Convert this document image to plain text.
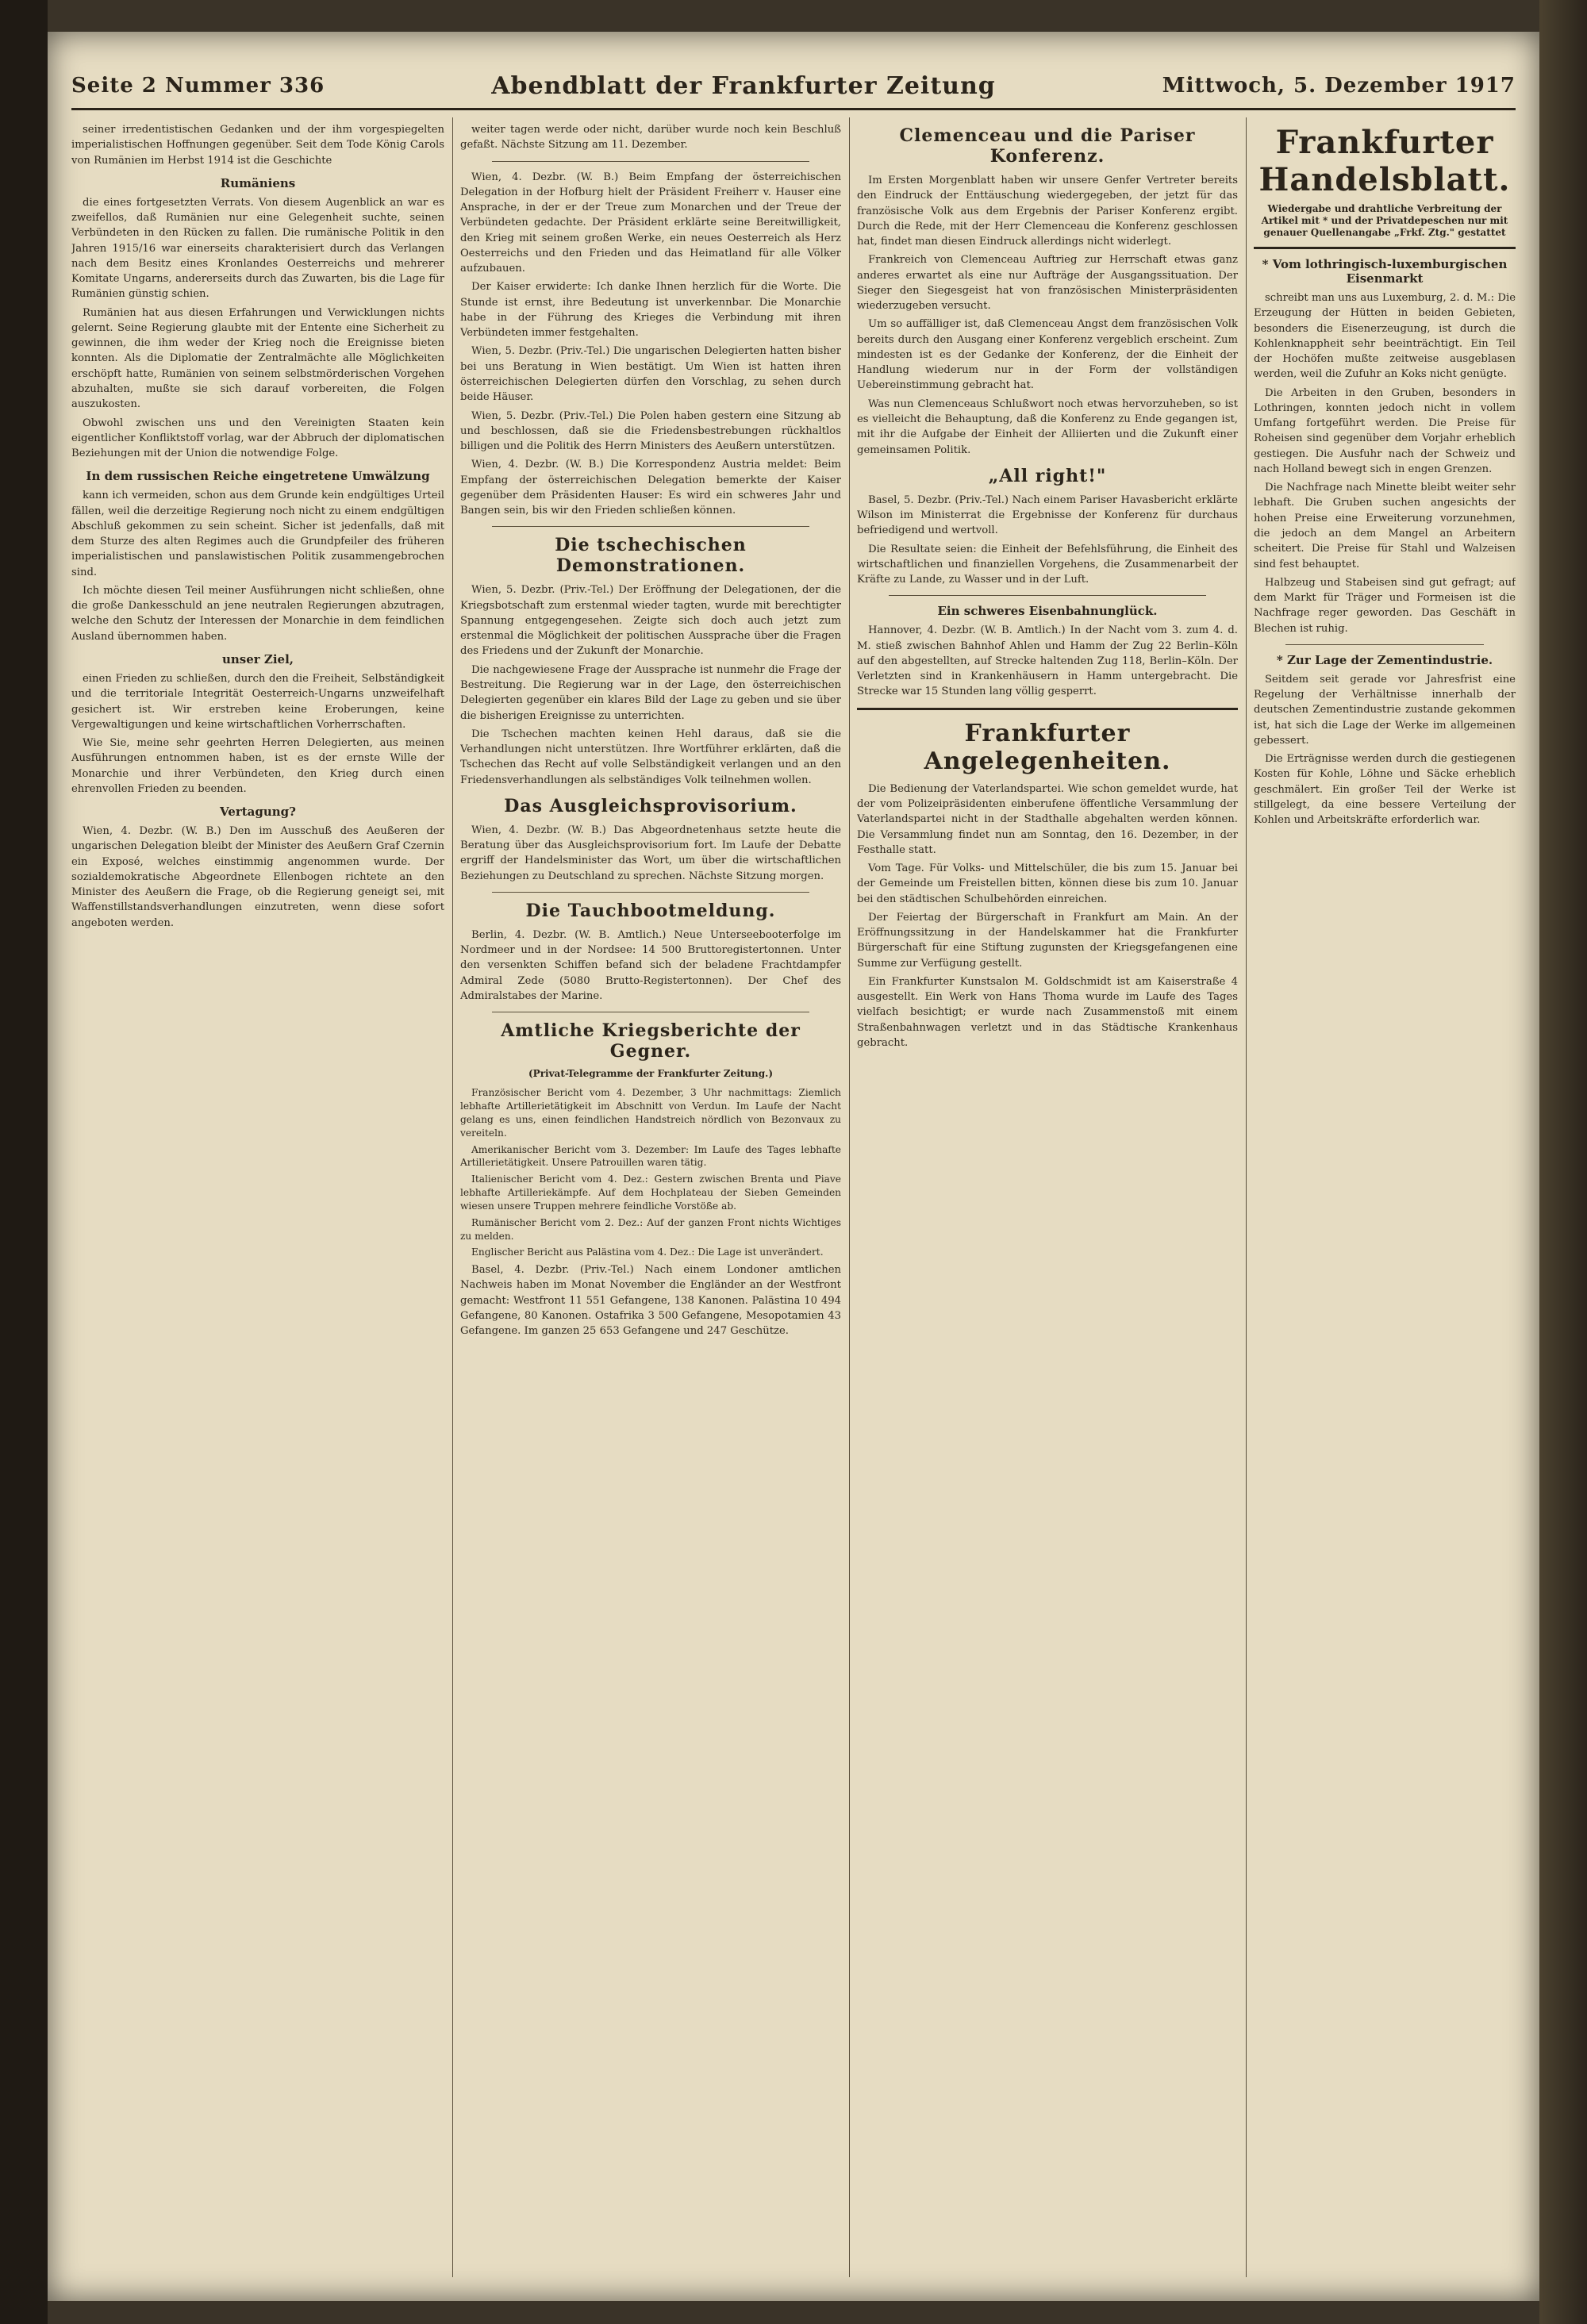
Seite 2 Nummer 336	Abendblatt der Frankfurter Zeitung	Mittwoch, 5. Dezember 1917

seiner irredentistischen Gedanken und der ihm vorgespiegelten imperialistischen Hoffnungen gegenüber. Seit dem Tode König Carols von Rumänien im Herbst 1914 ist die Geschichte

Rumäniens

die eines fortgesetzten Verrats. Von diesem Augenblick an war es zweifellos, daß Rumänien nur eine Gelegenheit suchte, seinen Verbündeten in den Rücken zu fallen. Die rumänische Politik in den Jahren 1915/16 war einerseits charakterisiert durch das Verlangen nach dem Besitz eines Kronlandes Oesterreichs und mehrerer Komitate Ungarns, andererseits durch das Zuwarten, bis die Lage für Rumänien günstig schien.

Rumänien hat aus diesen Erfahrungen und Verwicklungen nichts gelernt. Seine Regierung glaubte mit der Entente eine Sicherheit zu gewinnen, die ihm weder der Krieg noch die Ereignisse bieten konnten. Als die Diplomatie der Zentralmächte alle Möglichkeiten erschöpft hatte, Rumänien von seinem selbstmörderischen Vorgehen abzuhalten, mußte sie sich darauf vorbereiten, die Folgen auszukosten.

Obwohl zwischen uns und den Vereinigten Staaten kein eigentlicher Konfliktstoff vorlag, war der Abbruch der diplomatischen Beziehungen mit der Union die notwendige Folge.

In dem russischen Reiche eingetretene Umwälzung

kann ich vermeiden, schon aus dem Grunde kein endgültiges Urteil fällen, weil die derzeitige Regierung noch nicht zu einem endgültigen Abschluß gekommen zu sein scheint. Sicher ist jedenfalls, daß mit dem Sturze des alten Regimes auch die Grundpfeiler des früheren imperialistischen und panslawistischen Politik zusammengebrochen sind.

Ich möchte diesen Teil meiner Ausführungen nicht schließen, ohne die große Dankesschuld an jene neutralen Regierungen abzutragen, welche den Schutz der Interessen der Monarchie in dem feindlichen Ausland übernommen haben.

unser Ziel,

einen Frieden zu schließen, durch den die Freiheit, Selbständigkeit und die territoriale Integrität Oesterreich-Ungarns unzweifelhaft gesichert ist. Wir erstreben keine Eroberungen, keine Vergewaltigungen und keine wirtschaftlichen Vorherrschaften.

Wie Sie, meine sehr geehrten Herren Delegierten, aus meinen Ausführungen entnommen haben, ist es der ernste Wille der Monarchie und ihrer Verbündeten, den Krieg durch einen ehrenvollen Frieden zu beenden.

Vertagung?

Wien, 4. Dezbr. (W. B.) Den im Ausschuß des Aeußeren der ungarischen Delegation bleibt der Minister des Aeußern Graf Czernin ein Exposé, welches einstimmig angenommen wurde. Der sozialdemokratische Abgeordnete Ellenbogen richtete an den Minister des Aeußern die Frage, ob die Regierung geneigt sei, mit Waffenstillstandsverhandlungen einzutreten, wenn diese sofort angeboten werden.

weiter tagen werde oder nicht, darüber wurde noch kein Beschluß gefaßt. Nächste Sitzung am 11. Dezember.

Wien, 4. Dezbr. (W. B.) Beim Empfang der österreichischen Delegation in der Hofburg hielt der Präsident Freiherr v. Hauser eine Ansprache, in der er der Treue zum Monarchen und der Treue der Verbündeten gedachte. Der Präsident erklärte seine Bereitwilligkeit, den Krieg mit seinem großen Werke, ein neues Oesterreich als Herz Oesterreichs und den Frieden und das Heimatland für alle Völker aufzubauen.

Der Kaiser erwiderte: Ich danke Ihnen herzlich für die Worte. Die Stunde ist ernst, ihre Bedeutung ist unverkennbar. Die Monarchie habe in der Führung des Krieges die Verbindung mit ihren Verbündeten immer festgehalten.

Wien, 5. Dezbr. (Priv.-Tel.) Die ungarischen Delegierten hatten bisher bei uns Beratung in Wien bestätigt. Um Wien ist hatten ihren österreichischen Delegierten dürfen den Vorschlag, zu sehen durch beide Häuser.

Wien, 5. Dezbr. (Priv.-Tel.) Die Polen haben gestern eine Sitzung ab und beschlossen, daß sie die Friedensbestrebungen rückhaltlos billigen und die Politik des Herrn Ministers des Aeußern unterstützen.

Wien, 4. Dezbr. (W. B.) Die Korrespondenz Austria meldet: Beim Empfang der österreichischen Delegation bemerkte der Kaiser gegenüber dem Präsidenten Hauser: Es wird ein schweres Jahr und Bangen sein, bis wir den Frieden schließen können.

Die tschechischen Demonstrationen.

Wien, 5. Dezbr. (Priv.-Tel.) Der Eröffnung der Delegationen, der die Kriegsbotschaft zum erstenmal wieder tagten, wurde mit berechtigter Spannung entgegengesehen. Zeigte sich doch auch jetzt zum erstenmal die Möglichkeit der politischen Aussprache über die Fragen des Friedens und der Zukunft der Monarchie.

Die nachgewiesene Frage der Aussprache ist nunmehr die Frage der Bestreitung. Die Regierung war in der Lage, den österreichischen Delegierten gegenüber ein klares Bild der Lage zu geben und sie über die bisherigen Ereignisse zu unterrichten.

Die Tschechen machten keinen Hehl daraus, daß sie die Verhandlungen nicht unterstützen. Ihre Wortführer erklärten, daß die Tschechen das Recht auf volle Selbständigkeit verlangen und an den Friedensverhandlungen als selbständiges Volk teilnehmen wollen.

Das Ausgleichsprovisorium.

Wien, 4. Dezbr. (W. B.) Das Abgeordnetenhaus setzte heute die Beratung über das Ausgleichsprovisorium fort. Im Laufe der Debatte ergriff der Handelsminister das Wort, um über die wirtschaftlichen Beziehungen zu Deutschland zu sprechen. Nächste Sitzung morgen.

Die Tauchbootmeldung.

Berlin, 4. Dezbr. (W. B. Amtlich.) Neue Unterseebooterfolge im Nordmeer und in der Nordsee: 14 500 Bruttoregistertonnen. Unter den versenkten Schiffen befand sich der beladene Frachtdampfer Admiral Zede (5080 Brutto-Registertonnen). Der Chef des Admiralstabes der Marine.

Amtliche Kriegsberichte der Gegner.
(Privat-Telegramme der Frankfurter Zeitung.)

Französischer Bericht vom 4. Dezember, 3 Uhr nachmittags: Ziemlich lebhafte Artillerietätigkeit im Abschnitt von Verdun. Im Laufe der Nacht gelang es uns, einen feindlichen Handstreich nördlich von Bezonvaux zu vereiteln.

Amerikanischer Bericht vom 3. Dezember: Im Laufe des Tages lebhafte Artillerietätigkeit. Unsere Patrouillen waren tätig.

Italienischer Bericht vom 4. Dez.: Gestern zwischen Brenta und Piave lebhafte Artilleriekämpfe. Auf dem Hochplateau der Sieben Gemeinden wiesen unsere Truppen mehrere feindliche Vorstöße ab.

Rumänischer Bericht vom 2. Dez.: Auf der ganzen Front nichts Wichtiges zu melden.

Englischer Bericht aus Palästina vom 4. Dez.: Die Lage ist unverändert.

Basel, 4. Dezbr. (Priv.-Tel.) Nach einem Londoner amtlichen Nachweis haben im Monat November die Engländer an der Westfront gemacht: Westfront 11 551 Gefangene, 138 Kanonen. Palästina 10 494 Gefangene, 80 Kanonen. Ostafrika 3 500 Gefangene, Mesopotamien 43 Gefangene. Im ganzen 25 653 Gefangene und 247 Geschütze.

Clemenceau und die Pariser Konferenz.

Im Ersten Morgenblatt haben wir unsere Genfer Vertreter bereits den Eindruck der Enttäuschung wiedergegeben, der jetzt für das französische Volk aus dem Ergebnis der Pariser Konferenz ergibt. Durch die Rede, mit der Herr Clemenceau die Konferenz geschlossen hat, findet man diesen Eindruck allerdings nicht widerlegt.

Frankreich von Clemenceau Auftrieg zur Herrschaft etwas ganz anderes erwartet als eine nur Aufträge der Ausgangssituation. Der Sieger den Siegesgeist hat von französischen Ministerpräsidenten wiederzugeben versucht.

Um so auffälliger ist, daß Clemenceau Angst dem französischen Volk bereits durch den Ausgang einer Konferenz vergeblich erscheint. Zum mindesten ist es der Gedanke der Konferenz, der die Einheit der Handlung wiederum nur in der Form der vollständigen Uebereinstimmung gebracht hat.

Was nun Clemenceaus Schlußwort noch etwas hervorzuheben, so ist es vielleicht die Behauptung, daß die Konferenz zu Ende gegangen ist, mit ihr die Aufgabe der Einheit der Alliierten und die Zukunft einer gemeinsamen Politik.

„All right!"

Basel, 5. Dezbr. (Priv.-Tel.) Nach einem Pariser Havasbericht erklärte Wilson im Ministerrat die Ergebnisse der Konferenz für durchaus befriedigend und wertvoll.

Die Resultate seien: die Einheit der Befehlsführung, die Einheit des wirtschaftlichen und finanziellen Vorgehens, die Zusammenarbeit der Kräfte zu Lande, zu Wasser und in der Luft.

Ein schweres Eisenbahnunglück.

Hannover, 4. Dezbr. (W. B. Amtlich.) In der Nacht vom 3. zum 4. d. M. stieß zwischen Bahnhof Ahlen und Hamm der Zug 22 Berlin–Köln auf den abgestellten, auf Strecke haltenden Zug 118, Berlin–Köln. Der Verletzten sind in Krankenhäusern in Hamm untergebracht. Die Strecke war 15 Stunden lang völlig gesperrt.

Frankfurter Angelegenheiten.

Die Bedienung der Vaterlandspartei. Wie schon gemeldet wurde, hat der vom Polizeipräsidenten einberufene öffentliche Versammlung der Vaterlandspartei nicht in der Stadthalle abgehalten werden können. Die Versammlung findet nun am Sonntag, den 16. Dezember, in der Festhalle statt.

Vom Tage. Für Volks- und Mittelschüler, die bis zum 15. Januar bei der Gemeinde um Freistellen bitten, können diese bis zum 10. Januar bei den städtischen Schulbehörden einreichen.

Der Feiertag der Bürgerschaft in Frankfurt am Main. An der Eröffnungssitzung in der Handelskammer hat die Frankfurter Bürgerschaft für eine Stiftung zugunsten der Kriegsgefangenen eine Summe zur Verfügung gestellt.

Ein Frankfurter Kunstsalon M. Goldschmidt ist am Kaiserstraße 4 ausgestellt. Ein Werk von Hans Thoma wurde im Laufe des Tages vielfach besichtigt; er wurde nach Zusammenstoß mit einem Straßenbahnwagen verletzt und in das Städtische Krankenhaus gebracht.

Frankfurter Handelsblatt.
Wiedergabe und drahtliche Verbreitung der Artikel mit * und der Privatdepeschen nur mit genauer Quellenangabe „Frkf. Ztg." gestattet
* Vom lothringisch-luxemburgischen Eisenmarkt

schreibt man uns aus Luxemburg, 2. d. M.: Die Erzeugung der Hütten in beiden Gebieten, besonders die Eisenerzeugung, ist durch die Kohlenknappheit sehr beeinträchtigt. Ein Teil der Hochöfen mußte zeitweise ausgeblasen werden, weil die Zufuhr an Koks nicht genügte.

Die Arbeiten in den Gruben, besonders in Lothringen, konnten jedoch nicht in vollem Umfang fortgeführt werden. Die Preise für Roheisen sind gegenüber dem Vorjahr erheblich gestiegen. Die Ausfuhr nach der Schweiz und nach Holland bewegt sich in engen Grenzen.

Die Nachfrage nach Minette bleibt weiter sehr lebhaft. Die Gruben suchen angesichts der hohen Preise eine Erweiterung vorzunehmen, die jedoch an dem Mangel an Arbeitern scheitert. Die Preise für Stahl und Walzeisen sind fest behauptet.

Halbzeug und Stabeisen sind gut gefragt; auf dem Markt für Träger und Formeisen ist die Nachfrage reger geworden. Das Geschäft in Blechen ist ruhig.

* Zur Lage der Zementindustrie.

Seitdem seit gerade vor Jahresfrist eine Regelung der Verhältnisse innerhalb der deutschen Zementindustrie zustande gekommen ist, hat sich die Lage der Werke im allgemeinen gebessert.

Die Erträgnisse werden durch die gestiegenen Kosten für Kohle, Löhne und Säcke erheblich geschmälert. Ein großer Teil der Werke ist stillgelegt, da eine bessere Verteilung der Kohlen und Arbeitskräfte erforderlich war.
